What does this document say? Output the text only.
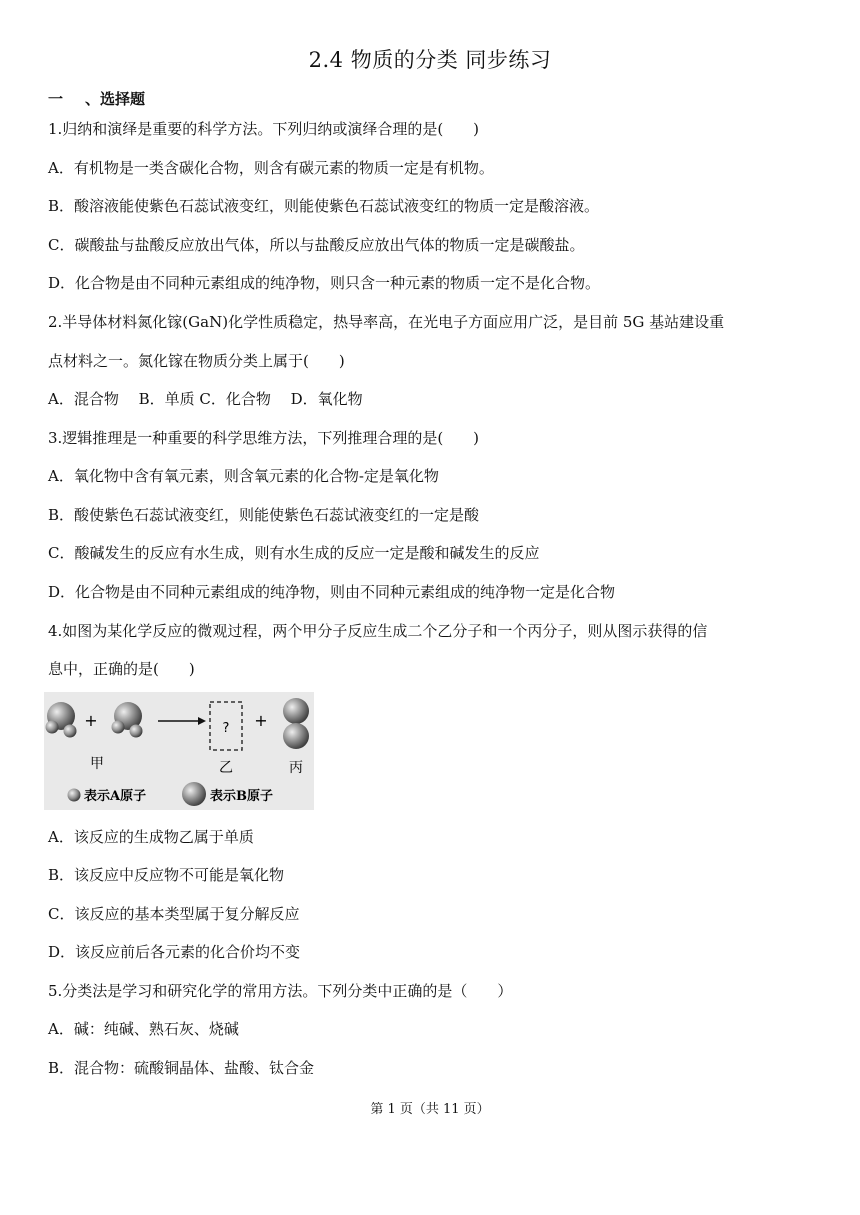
2.4 物质的分类 同步练习
一 、选择题
1.归纳和演绎是重要的科学方法。下列归纳或演绎合理的是(　　)
A．有机物是一类含碳化合物，则含有碳元素的物质一定是有机物。
B．酸溶液能使紫色石蕊试液变红，则能使紫色石蕊试液变红的物质一定是酸溶液。
C．碳酸盐与盐酸反应放出气体，所以与盐酸反应放出气体的物质一定是碳酸盐。
D．化合物是由不同种元素组成的纯净物，则只含一种元素的物质一定不是化合物。
2.半导体材料氮化镓(GaN)化学性质稳定，热导率高，在光电子方面应用广泛，是目前 5G 基站建设重
点材料之一。氮化镓在物质分类上属于(　　)
A．混合物　 B．单质 C．化合物　 D．氧化物
3.逻辑推理是一种重要的科学思维方法，下列推理合理的是(　　)
A．氧化物中含有氧元素，则含氧元素的化合物-定是氧化物
B．酸使紫色石蕊试液变红，则能使紫色石蕊试液变红的一定是酸
C．酸碱发生的反应有水生成，则有水生成的反应一定是酸和碱发生的反应
D．化合物是由不同种元素组成的纯净物，则由不同种元素组成的纯净物一定是化合物
4.如图为某化学反应的微观过程，两个甲分子反应生成二个乙分子和一个丙分子，则从图示获得的信
息中，正确的是(　　)
+	? +
甲	乙	丙
表示A原子	表示B原子
A．该反应的生成物乙属于单质
B．该反应中反应物不可能是氧化物
C．该反应的基本类型属于复分解反应
D．该反应前后各元素的化合价均不变
5.分类法是学习和研究化学的常用方法。下列分类中正确的是（　　）
A．碱：纯碱、熟石灰、烧碱
B．混合物：硫酸铜晶体、盐酸、钛合金
第 1 页（共 11 页）
